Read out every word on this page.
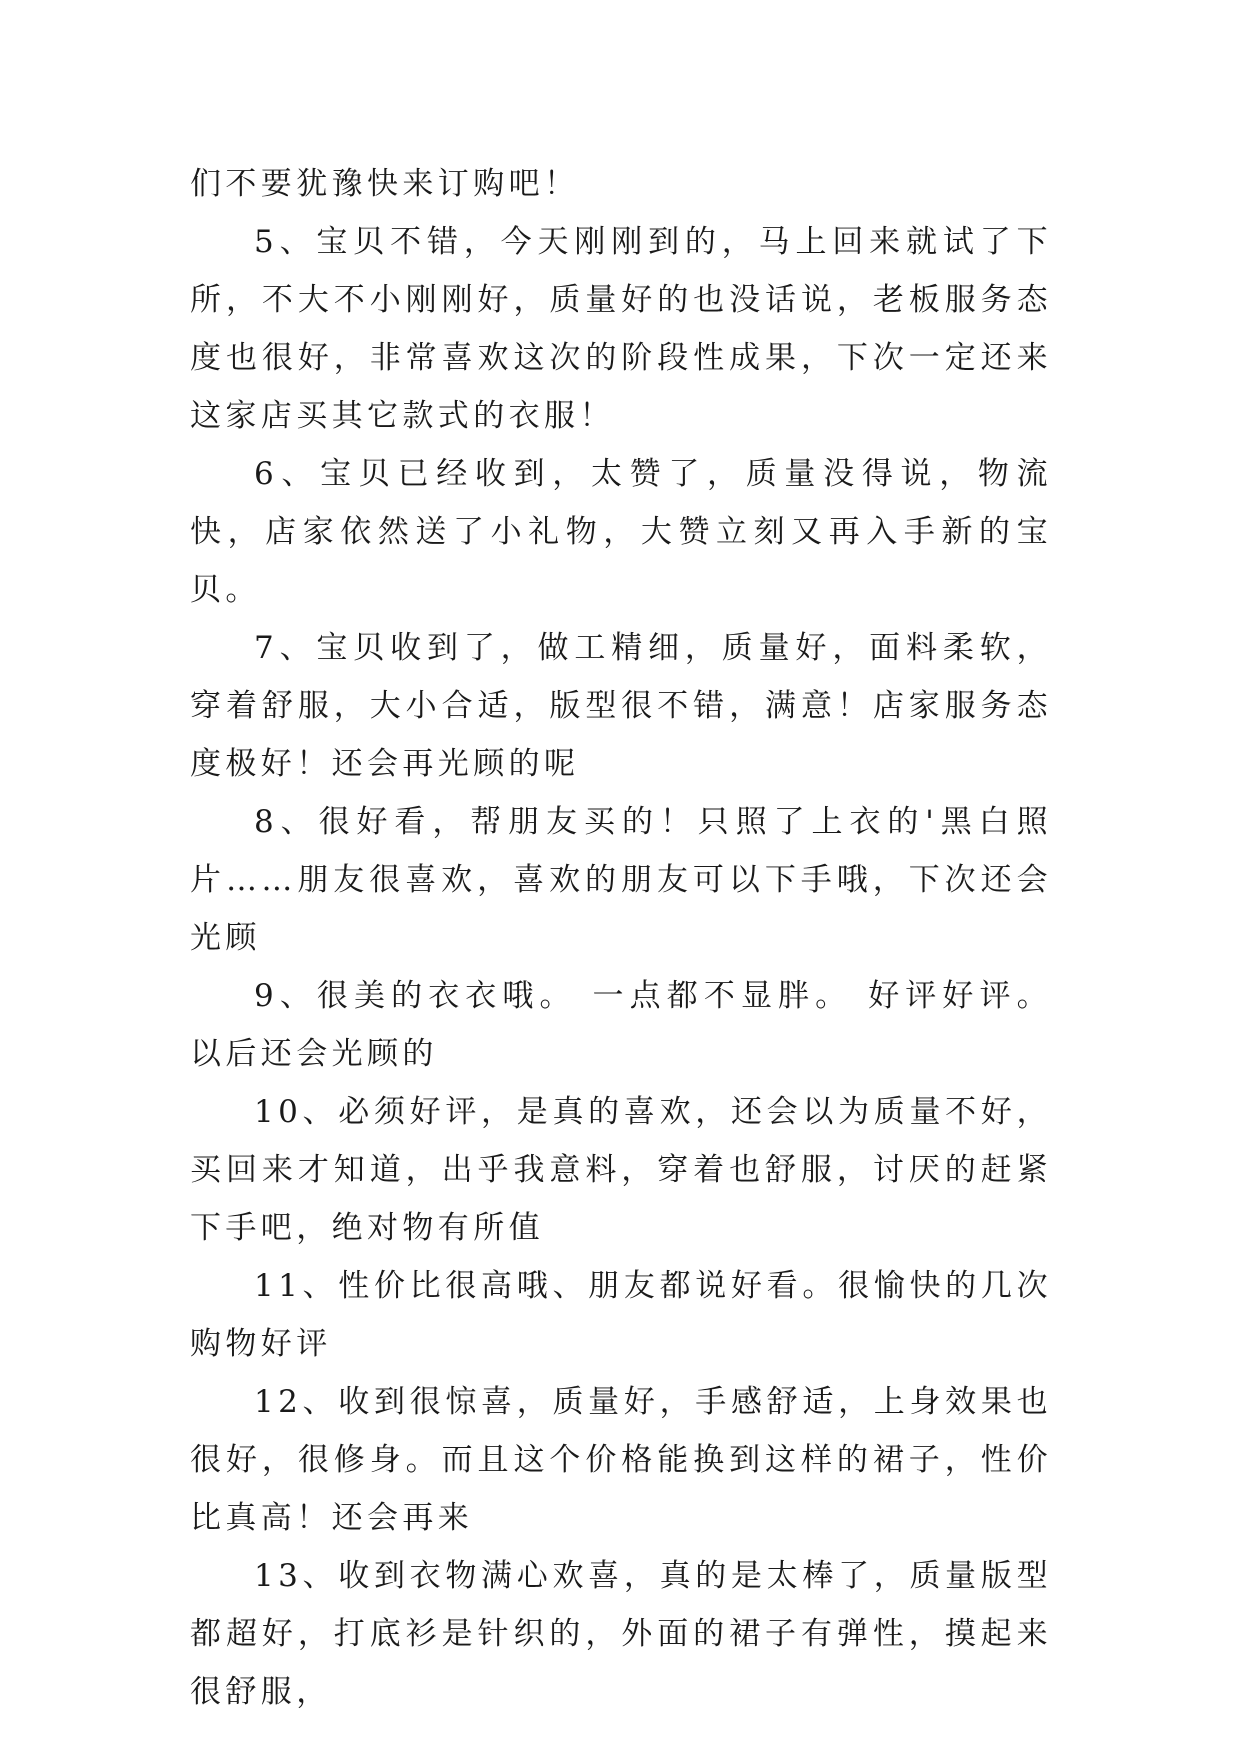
们不要犹豫快来订购吧！

5、宝贝不错，今天刚刚到的，马上回来就试了下所，不大不小刚刚好，质量好的也没话说，老板服务态度也很好，非常喜欢这次的阶段性成果，下次一定还来这家店买其它款式的衣服！

6、宝贝已经收到，太赞了，质量没得说，物流快，店家依然送了小礼物，大赞立刻又再入手新的宝贝。

7、宝贝收到了，做工精细，质量好，面料柔软，穿着舒服，大小合适，版型很不错，满意！店家服务态度极好！还会再光顾的呢

8、很好看，帮朋友买的！只照了上衣的'黑白照片……朋友很喜欢，喜欢的朋友可以下手哦，下次还会光顾

9、很美的衣衣哦。 一点都不显胖。 好评好评。 以后还会光顾的

10、必须好评，是真的喜欢，还会以为质量不好，买回来才知道，出乎我意料，穿着也舒服，讨厌的赶紧下手吧，绝对物有所值

11、性价比很高哦、朋友都说好看。很愉快的几次购物好评

12、收到很惊喜，质量好，手感舒适，上身效果也很好，很修身。而且这个价格能换到这样的裙子，性价比真高！还会再来

13、收到衣物满心欢喜，真的是太棒了，质量版型都超好，打底衫是针织的，外面的裙子有弹性，摸起来很舒服，
